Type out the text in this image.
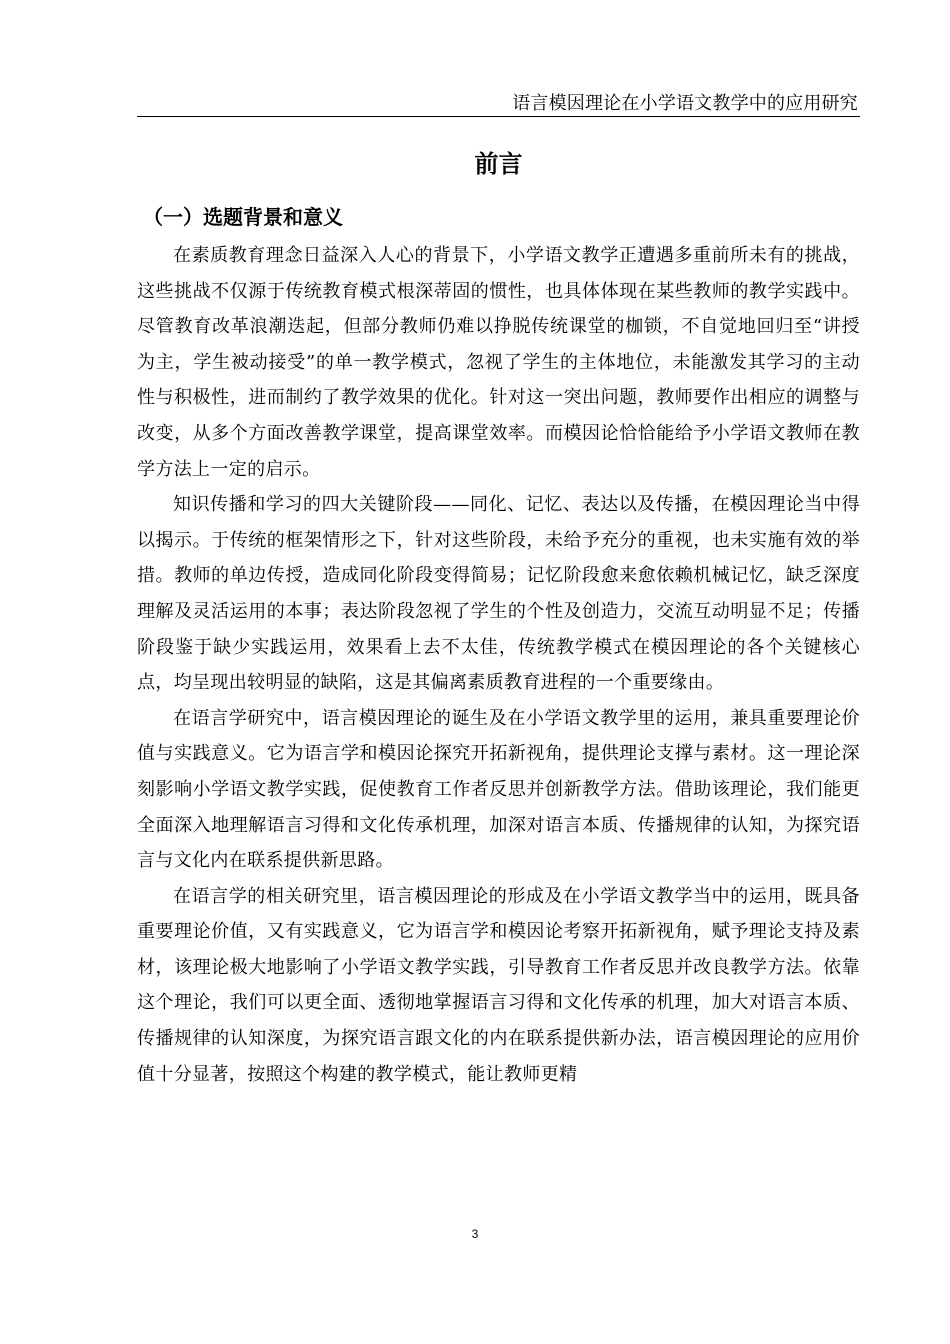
语言模因理论在小学语文教学中的应用研究
前言
（一）选题背景和意义

在素质教育理念日益深入人心的背景下，小学语文教学正遭遇多重前所未有的挑战，这些挑战不仅源于传统教育模式根深蒂固的惯性，也具体体现在某些教师的教学实践中。尽管教育改革浪潮迭起，但部分教师仍难以挣脱传统课堂的枷锁，不自觉地回归至“讲授为主，学生被动接受”的单一教学模式，忽视了学生的主体地位，未能激发其学习的主动性与积极性，进而制约了教学效果的优化。针对这一突出问题，教师要作出相应的调整与改变，从多个方面改善教学课堂，提高课堂效率。而模因论恰恰能给予小学语文教师在教学方法上一定的启示。

知识传播和学习的四大关键阶段——同化、记忆、表达以及传播，在模因理论当中得以揭示。于传统的框架情形之下，针对这些阶段，未给予充分的重视，也未实施有效的举措。教师的单边传授，造成同化阶段变得简易；记忆阶段愈来愈依赖机械记忆，缺乏深度理解及灵活运用的本事；表达阶段忽视了学生的个性及创造力，交流互动明显不足；传播阶段鉴于缺少实践运用，效果看上去不太佳，传统教学模式在模因理论的各个关键核心点，均呈现出较明显的缺陷，这是其偏离素质教育进程的一个重要缘由。

在语言学研究中，语言模因理论的诞生及在小学语文教学里的运用，兼具重要理论价值与实践意义。它为语言学和模因论探究开拓新视角，提供理论支撑与素材。这一理论深刻影响小学语文教学实践，促使教育工作者反思并创新教学方法。借助该理论，我们能更全面深入地理解语言习得和文化传承机理，加深对语言本质、传播规律的认知，为探究语言与文化内在联系提供新思路。

在语言学的相关研究里，语言模因理论的形成及在小学语文教学当中的运用，既具备重要理论价值，又有实践意义，它为语言学和模因论考察开拓新视角，赋予理论支持及素材，该理论极大地影响了小学语文教学实践，引导教育工作者反思并改良教学方法。依靠这个理论，我们可以更全面、透彻地掌握语言习得和文化传承的机理，加大对语言本质、传播规律的认知深度，为探究语言跟文化的内在联系提供新办法，语言模因理论的应用价值十分显著，按照这个构建的教学模式，能让教师更精

3
